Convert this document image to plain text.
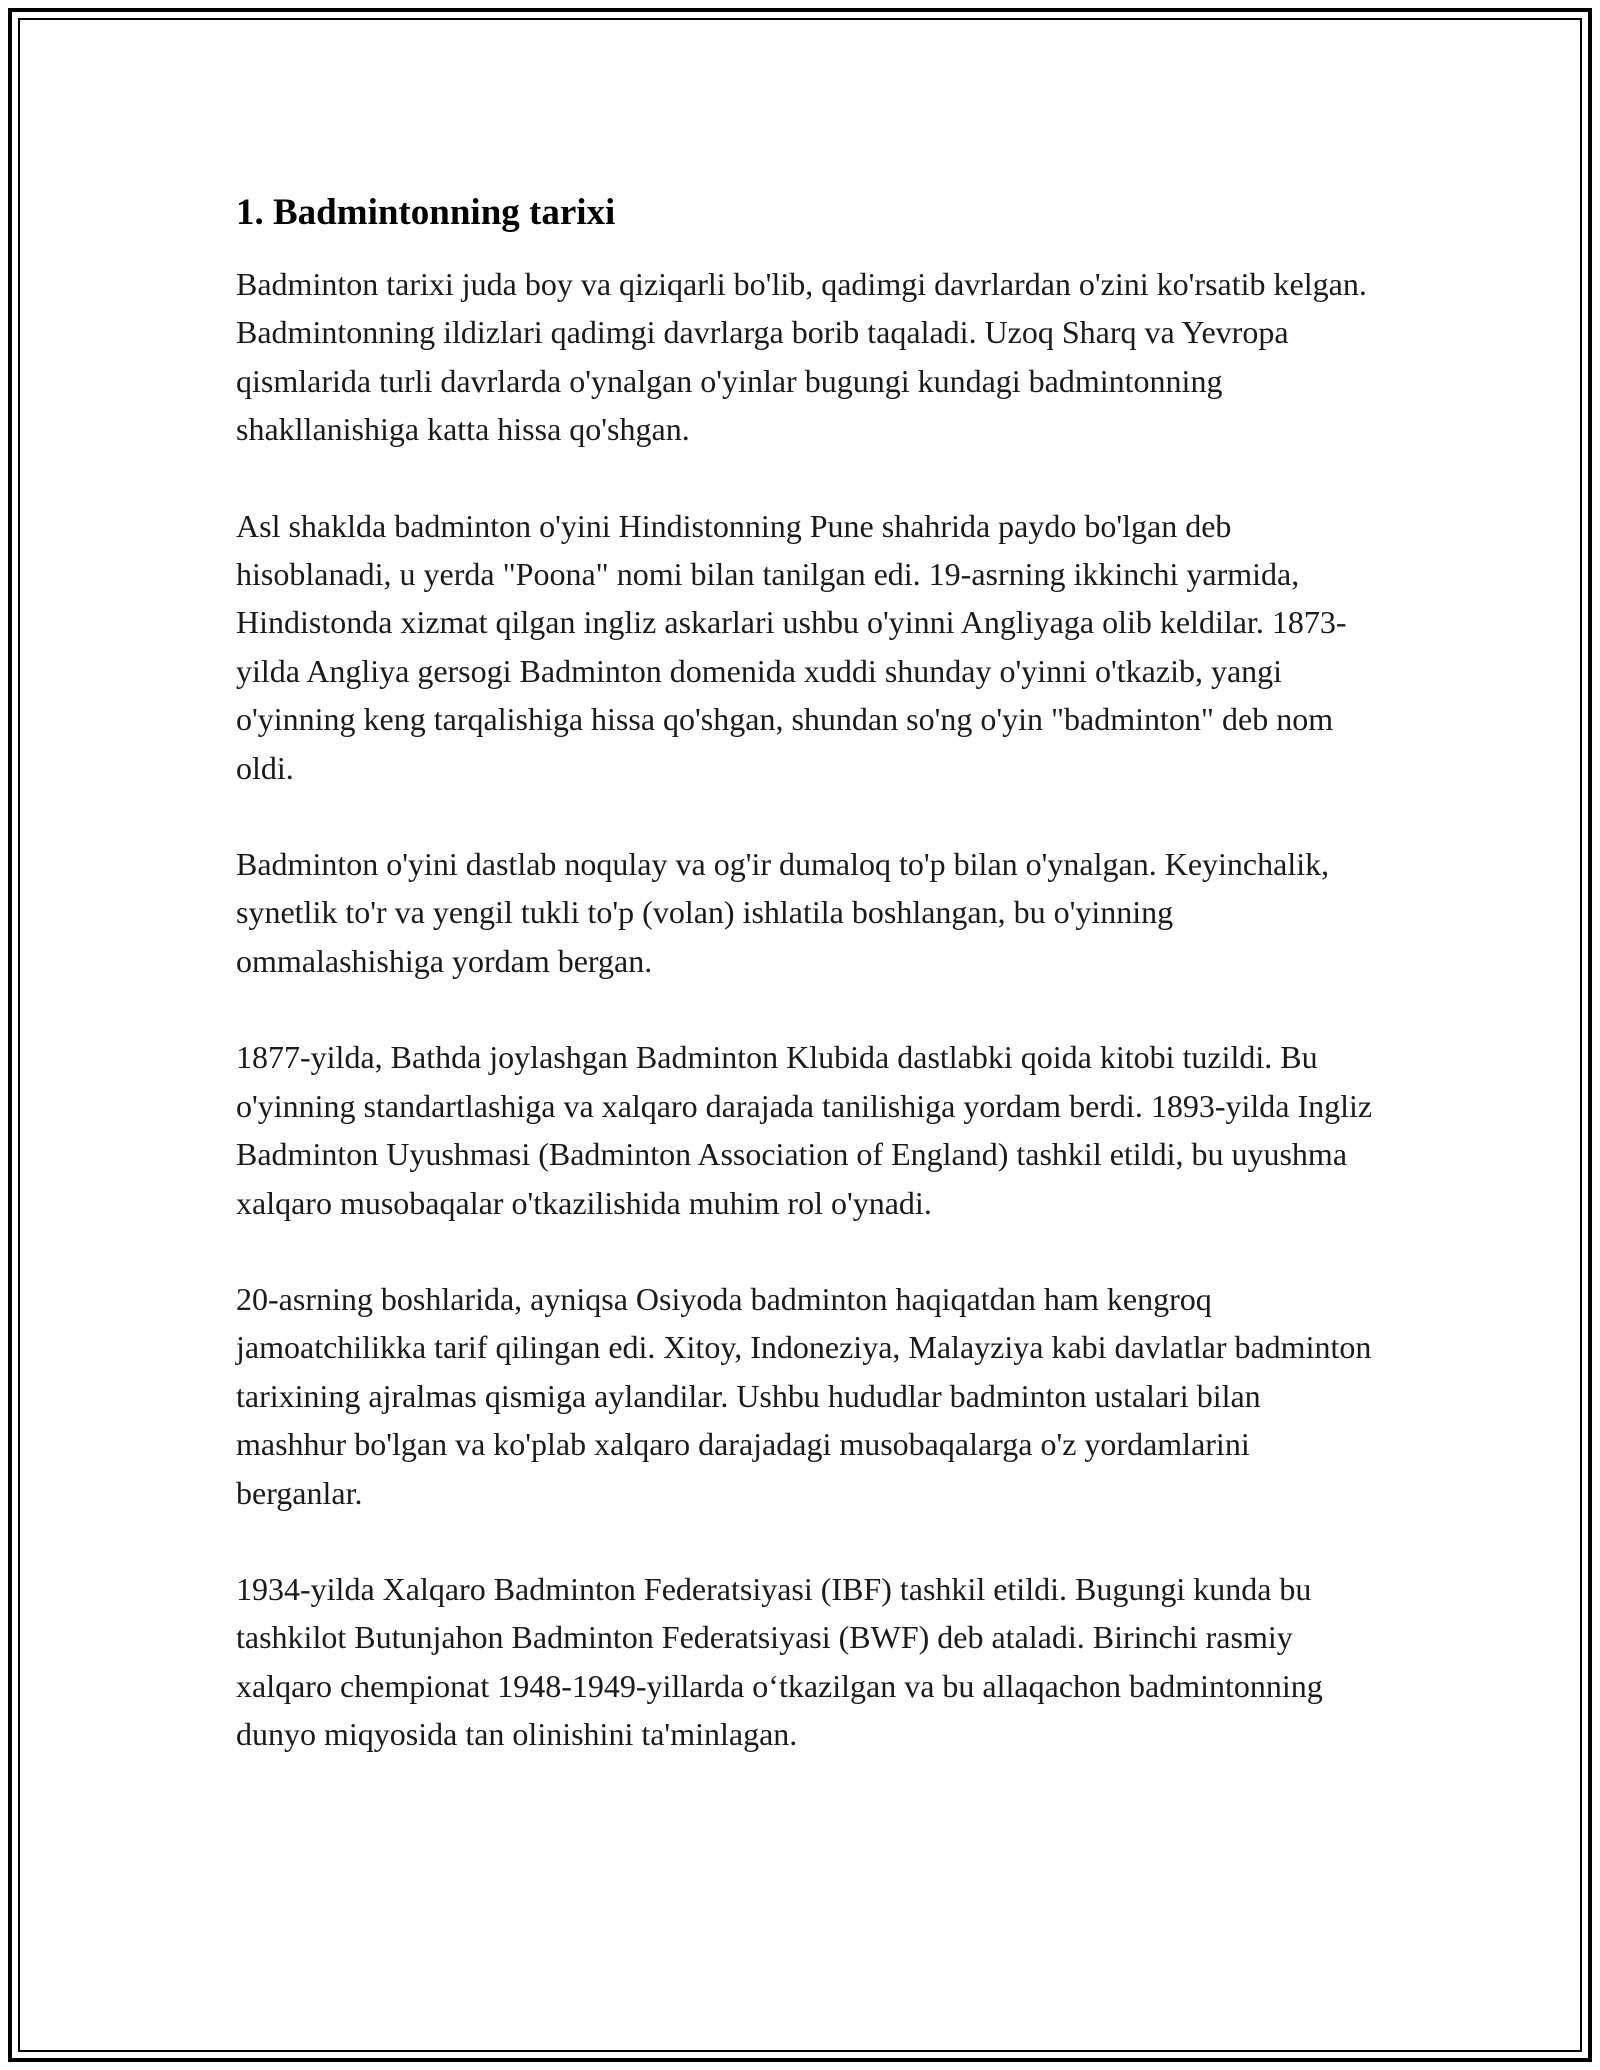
1. Badmintonning tarixi

Badminton tarixi juda boy va qiziqarli bo'lib, qadimgi davrlardan o'zini ko'rsatib kelgan. Badmintonning ildizlari qadimgi davrlarga borib taqaladi. Uzoq Sharq va Yevropa qismlarida turli davrlarda o'ynalgan o'yinlar bugungi kundagi badmintonning shakllanishiga katta hissa qo'shgan.

Asl shaklda badminton o'yini Hindistonning Pune shahrida paydo bo'lgan deb hisoblanadi, u yerda "Poona" nomi bilan tanilgan edi. 19-asrning ikkinchi yarmida, Hindistonda xizmat qilgan ingliz askarlari ushbu o'yinni Angliyaga olib keldilar. 1873-yilda Angliya gersogi Badminton domenida xuddi shunday o'yinni o'tkazib, yangi o'yinning keng tarqalishiga hissa qo'shgan, shundan so'ng o'yin "badminton" deb nom oldi.

Badminton o'yini dastlab noqulay va og'ir dumaloq to'p bilan o'ynalgan. Keyinchalik, synetlik to'r va yengil tukli to'p (volan) ishlatila boshlangan, bu o'yinning ommalashishiga yordam bergan.

1877-yilda, Bathda joylashgan Badminton Klubida dastlabki qoida kitobi tuzildi. Bu o'yinning standartlashiga va xalqaro darajada tanilishiga yordam berdi. 1893-yilda Ingliz Badminton Uyushmasi (Badminton Association of England) tashkil etildi, bu uyushma xalqaro musobaqalar o'tkazilishida muhim rol o'ynadi.

20-asrning boshlarida, ayniqsa Osiyoda badminton haqiqatdan ham kengroq jamoatchilikka tarif qilingan edi. Xitoy, Indoneziya, Malayziya kabi davlatlar badminton tarixining ajralmas qismiga aylandilar. Ushbu hududlar badminton ustalari bilan mashhur bo'lgan va ko'plab xalqaro darajadagi musobaqalarga o'z yordamlarini berganlar.

1934-yilda Xalqaro Badminton Federatsiyasi (IBF) tashkil etildi. Bugungi kunda bu tashkilot Butunjahon Badminton Federatsiyasi (BWF) deb ataladi. Birinchi rasmiy xalqaro chempionat 1948-1949-yillarda o‘tkazilgan va bu allaqachon badmintonning dunyo miqyosida tan olinishini ta'minlagan.
